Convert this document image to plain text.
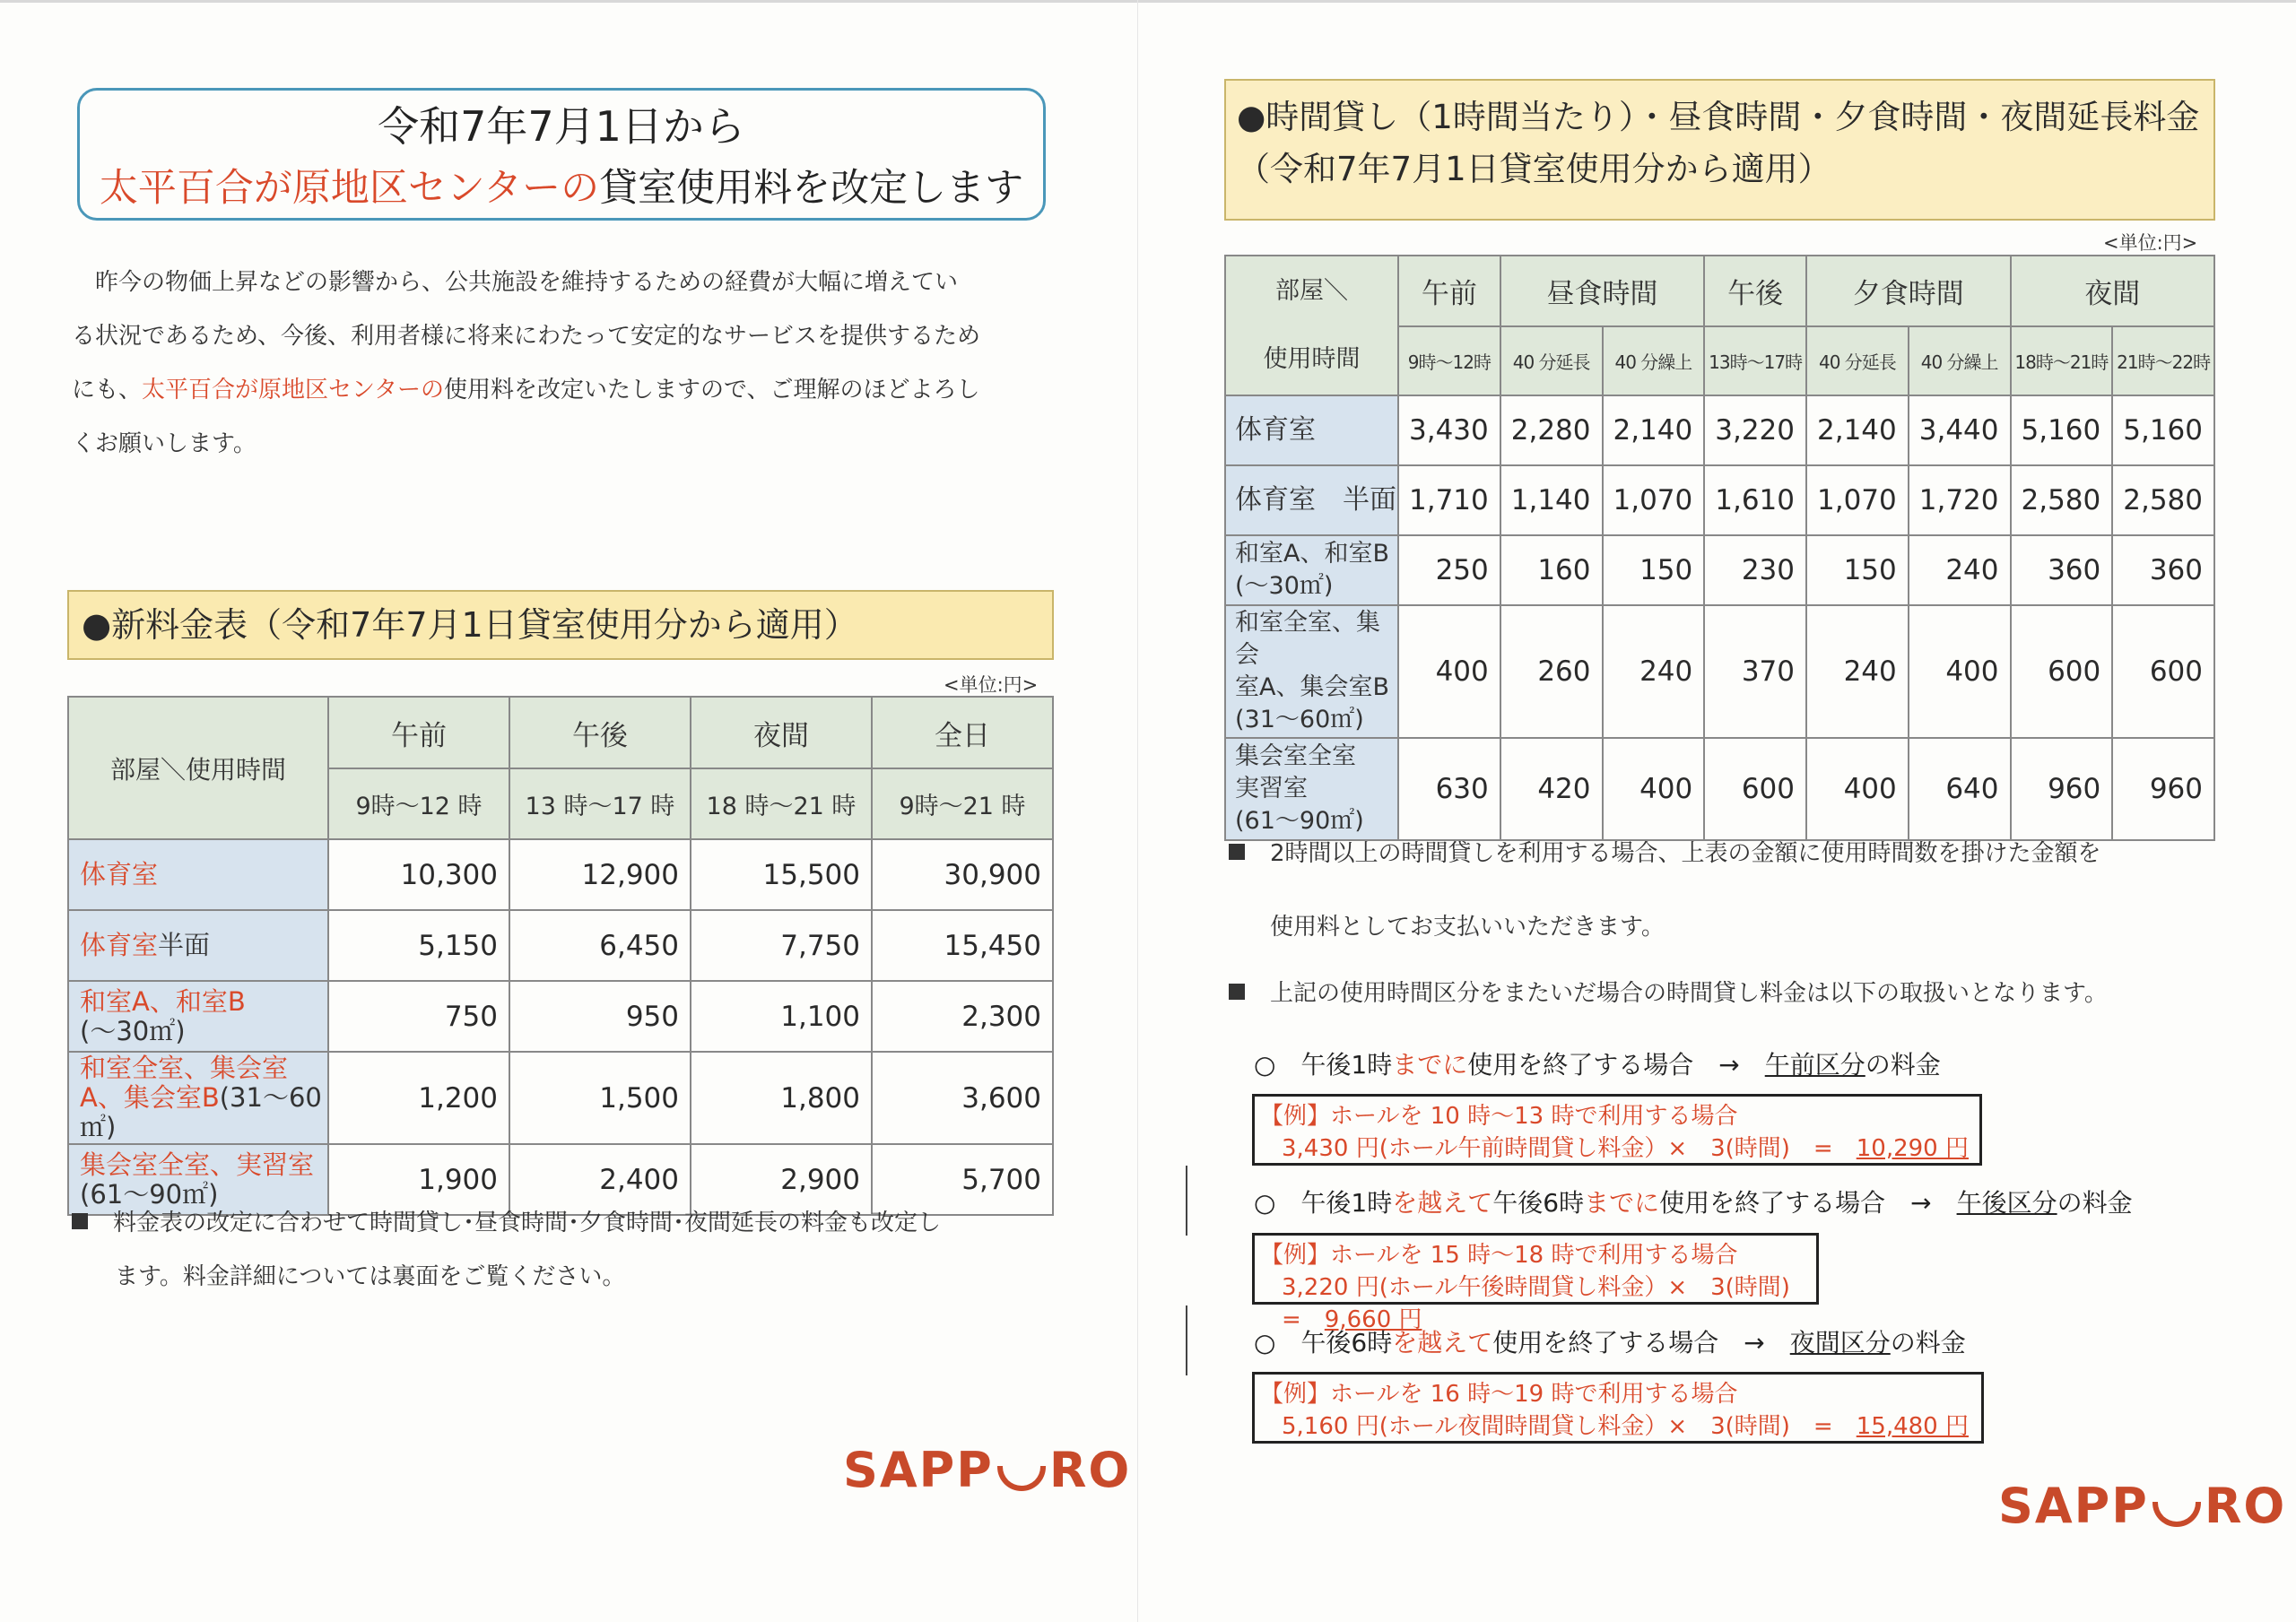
令和7年7月1日から
太平百合が原地区センターの貸室使用料を改定します

　昨今の物価上昇などの影響から、公共施設を維持するための経費が大幅に増えてい

る状況であるため、今後、利用者様に将来にわたって安定的なサービスを提供するため

にも、太平百合が原地区センターの使用料を改定いたしますので、ご理解のほどよろし

くお願いします。

●新料金表（令和7年7月1日貸室使用分から適用）
<単位:円>
部屋＼使用時間	午前	午後	夜間	全日
	9時～12 時	13 時～17 時	18 時～21 時	9時～21 時
体育室	10,300	12,900	15,500	30,900
体育室半面	5,150	6,450	7,750	15,450
和室A、和室B
(～30㎡)	750	950	1,100	2,300
和室全室、集会室A、集会室B(31～60㎡)	1,200	1,500	1,800	3,600
集会室全室、実習室
(61～90㎡)	1,900	2,400	2,900	5,700
料金表の改定に合わせて時間貸し･昼食時間･夕食時間･夜間延長の料金も改定し
ます。料金詳細については裏面をご覧ください。
SAPP RO
●時間貸し（1時間当たり）・昼食時間・夕食時間・夜間延長料金
（令和7年7月1日貸室使用分から適用）
<単位:円>
部屋＼
使用時間	午前	昼食時間		午後	夕食時間		夜間	
	9時～12時	40 分延長	40 分繰上	13時～17時	40 分延長	40 分繰上	18時～21時	21時～22時
体育室	3,430	2,280	2,140	3,220	2,140	3,440	5,160	5,160
体育室　半面	1,710	1,140	1,070	1,610	1,070	1,720	2,580	2,580
和室A、和室B
(～30㎡)	250	160	150	230	150	240	360	360
和室全室、集会
室A、集会室B
(31～60㎡)	400	260	240	370	240	400	600	600
集会室全室
実習室
(61～90㎡)	630	420	400	600	400	640	960	960
2時間以上の時間貸しを利用する場合、上表の金額に使用時間数を掛けた金額を
使用料としてお支払いいただきます。
上記の使用時間区分をまたいだ場合の時間貸し料金は以下の取扱いとなります。
○　午後1時までに使用を終了する場合　→　午前区分の料金
【例】ホールを 10 時～13 時で利用する場合
3,430 円(ホール午前時間貸し料金）×　3(時間)　=　10,290 円
○　午後1時を越えて午後6時までに使用を終了する場合　→　午後区分の料金
【例】ホールを 15 時～18 時で利用する場合
3,220 円(ホール午後時間貸し料金）×　3(時間)　=　9,660 円
○　午後6時を越えて使用を終了する場合　→　夜間区分の料金
【例】ホールを 16 時～19 時で利用する場合
5,160 円(ホール夜間時間貸し料金）×　3(時間)　=　15,480 円
SAPP RO
